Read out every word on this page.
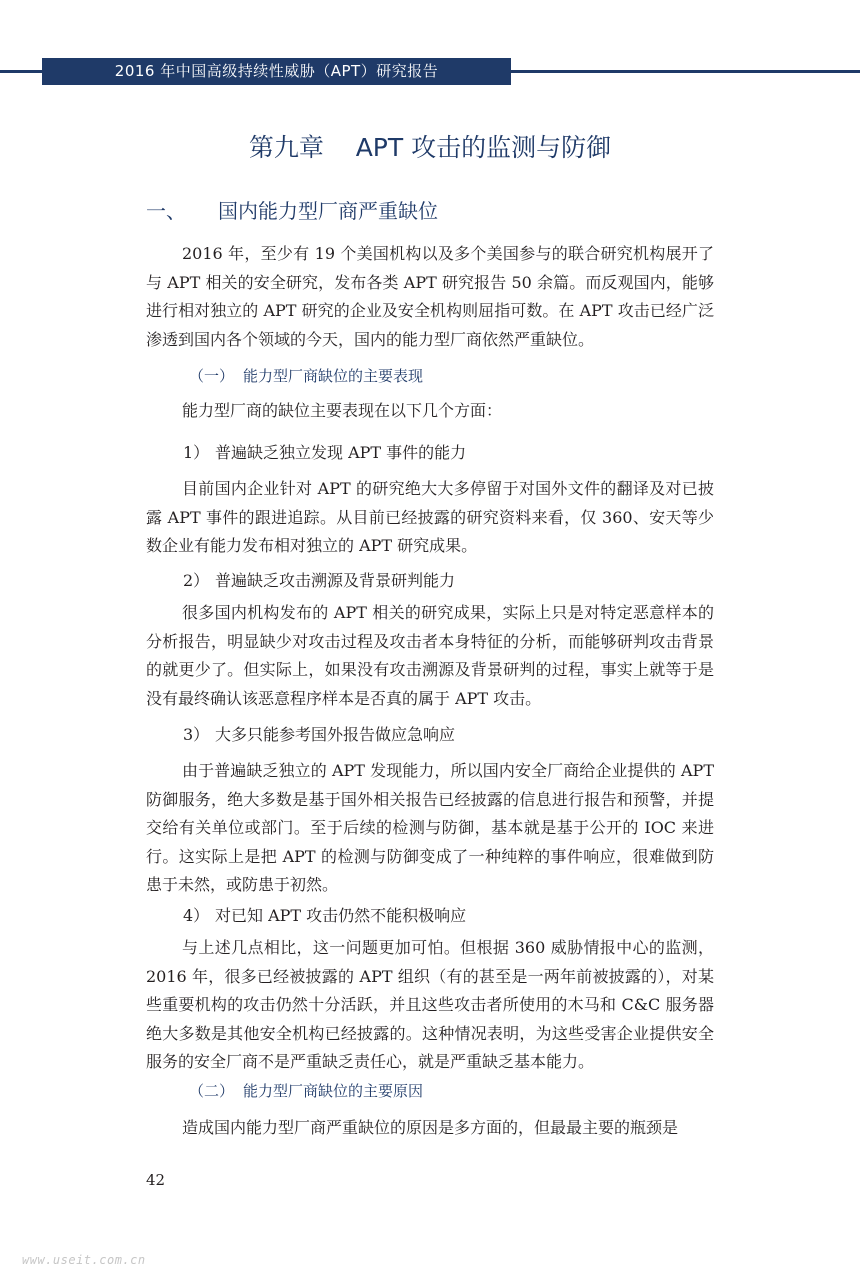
2016 年中国高级持续性威胁（APT）研究报告
第九章    APT 攻击的监测与防御
一、 国内能力型厂商严重缺位

2016 年，至少有 19 个美国机构以及多个美国参与的联合研究机构展开了与 APT 相关的安全研究，发布各类 APT 研究报告 50 余篇。而反观国内，能够进行相对独立的 APT 研究的企业及安全机构则屈指可数。在 APT 攻击已经广泛渗透到国内各个领域的今天，国内的能力型厂商依然严重缺位。

（一） 能力型厂商缺位的主要表现

能力型厂商的缺位主要表现在以下几个方面：

1） 普遍缺乏独立发现 APT 事件的能力

目前国内企业针对 APT 的研究绝大大多停留于对国外文件的翻译及对已披露 APT 事件的跟进追踪。从目前已经披露的研究资料来看，仅 360、安天等少数企业有能力发布相对独立的 APT 研究成果。

2） 普遍缺乏攻击溯源及背景研判能力

很多国内机构发布的 APT 相关的研究成果，实际上只是对特定恶意样本的分析报告，明显缺少对攻击过程及攻击者本身特征的分析，而能够研判攻击背景的就更少了。但实际上，如果没有攻击溯源及背景研判的过程，事实上就等于是没有最终确认该恶意程序样本是否真的属于 APT 攻击。

3） 大多只能参考国外报告做应急响应

由于普遍缺乏独立的 APT 发现能力，所以国内安全厂商给企业提供的 APT 防御服务，绝大多数是基于国外相关报告已经披露的信息进行报告和预警，并提交给有关单位或部门。至于后续的检测与防御，基本就是基于公开的 IOC 来进行。这实际上是把 APT 的检测与防御变成了一种纯粹的事件响应，很难做到防患于未然，或防患于初然。

4） 对已知 APT 攻击仍然不能积极响应

与上述几点相比，这一问题更加可怕。但根据 360 威胁情报中心的监测，2016 年，很多已经被披露的 APT 组织（有的甚至是一两年前被披露的），对某些重要机构的攻击仍然十分活跃，并且这些攻击者所使用的木马和 C&C 服务器绝大多数是其他安全机构已经披露的。这种情况表明，为这些受害企业提供安全服务的安全厂商不是严重缺乏责任心，就是严重缺乏基本能力。

（二） 能力型厂商缺位的主要原因

造成国内能力型厂商严重缺位的原因是多方面的，但最最主要的瓶颈是

42
www.useit.com.cn
